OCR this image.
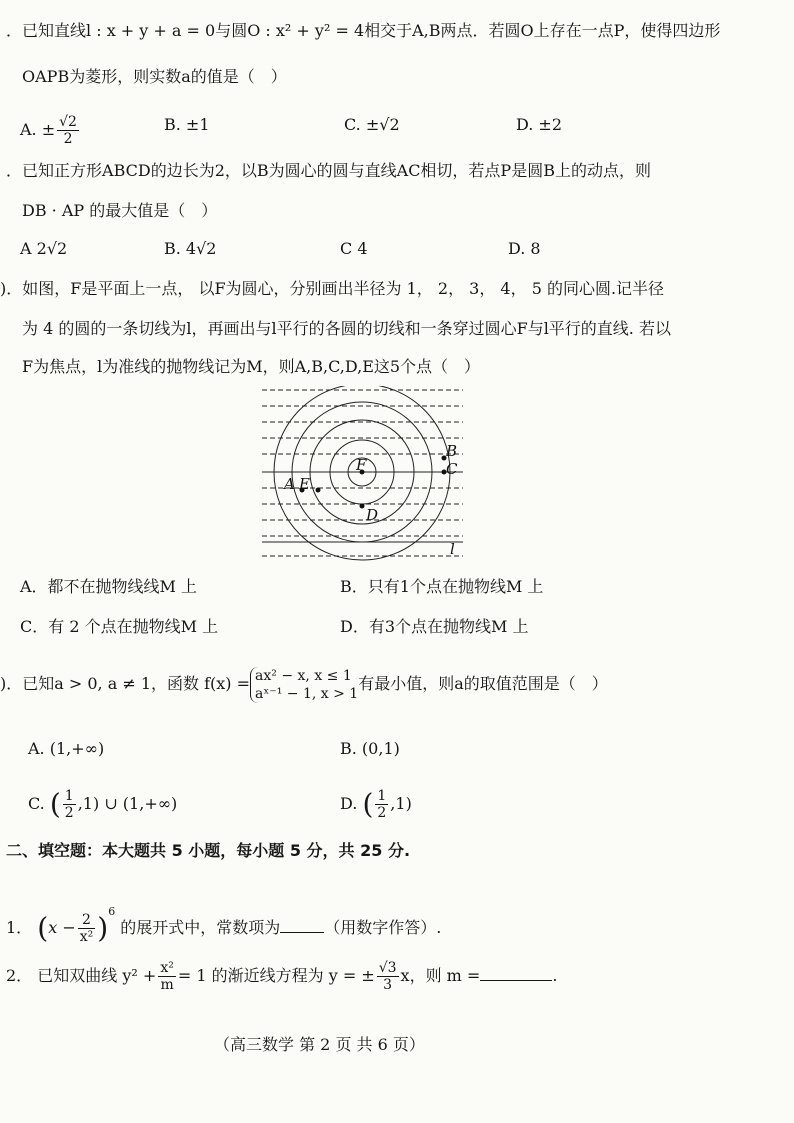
．已知直线l : x + y + a = 0与圆O : x² + y² = 4相交于A,B两点．若圆O上存在一点P，使得四边形
OAPB为菱形，则实数a的值是（　）
A. ± $\frac{√2}{2}$	B. ±1	C. ±√2	D. ±2
．已知正方形ABCD的边长为2，以B为圆心的圆与直线AC相切，若点P是圆B上的动点，则
DB · AP 的最大值是（　）
A 2√2	B. 4√2	C 4	D. 8
)．如图，F是平面上一点， 以F为圆心，分别画出半径为 1， 2， 3， 4， 5 的同心圆.记半径
为 4 的圆的一条切线为l，再画出与l平行的各圆的切线和一条穿过圆心F与l平行的直线. 若以
F为焦点，l为准线的抛物线记为M，则A,B,C,D,E这5个点（　）
F
A E
B
C
D
l
A．都不在抛物线线M 上	B．只有1个点在抛物线M 上
C．有 2 个点在抛物线M 上	D．有3个点在抛物线M 上
)．已知a > 0, a ≠ 1，函数 f(x) = ax² − x, x ≤ 1
aˣ⁻¹ − 1, x > 1
有最小值，则a的取值范围是（　）
A. (1,+∞)	B. (0,1)
C. ( $\frac{1}{2} ,1$) ∪ (1,+∞)	D. ( $\frac{1}{2} ,1$)
二、填空题：本大题共 5 小题，每小题 5 分，共 25 分.
1． $(x - \frac{2}{\text{x²}} )^6$ 的展开式中，常数项为	（用数字作答）.
2． 已知双曲线 $y^2 + \frac{\text{x²}}{m} = 1$ 的渐近线方程为 y = ± $\frac{√3}{3}$ x，则 m =	.
（高三数学 第 2 页 共 6 页）
